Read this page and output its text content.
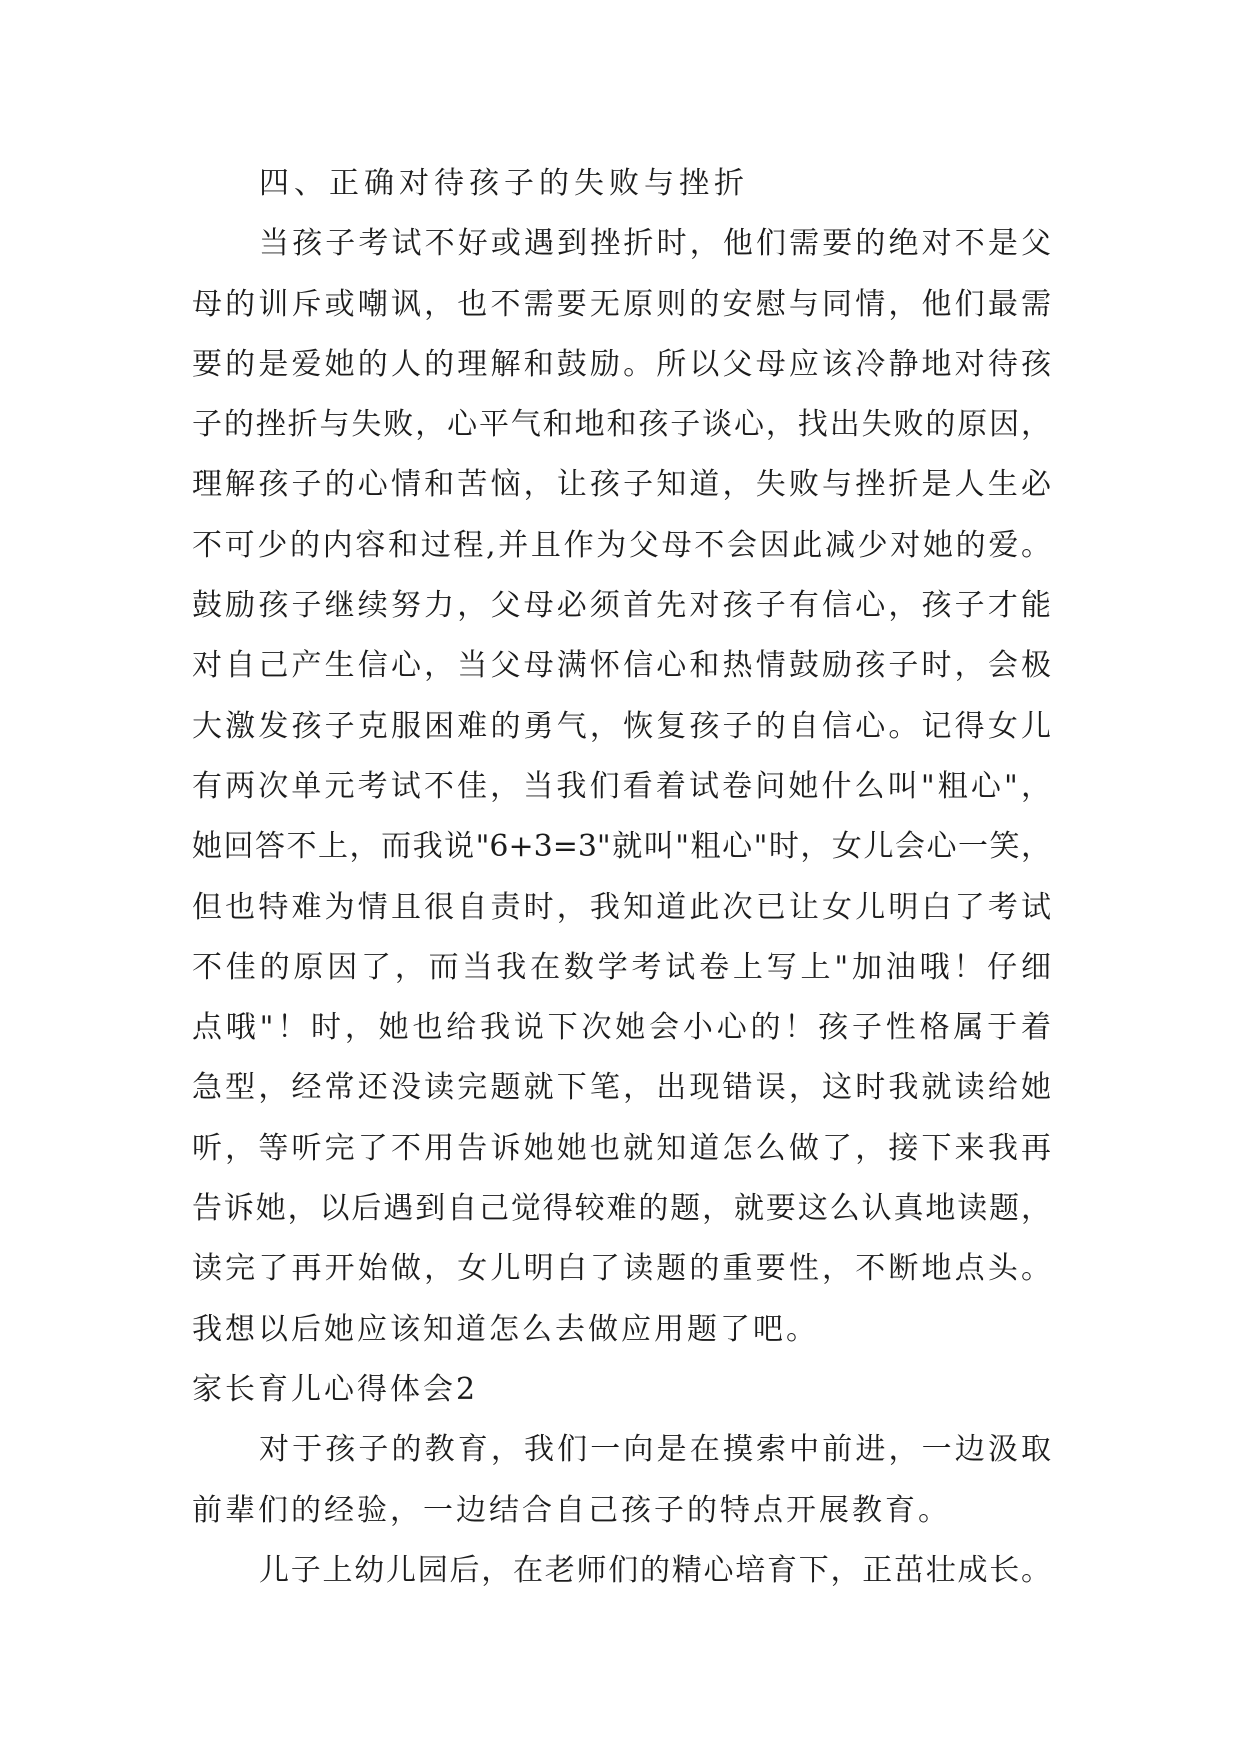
四、正确对待孩子的失败与挫折
当孩子考试不好或遇到挫折时，他们需要的绝对不是父
母的训斥或嘲讽，也不需要无原则的安慰与同情，他们最需
要的是爱她的人的理解和鼓励。所以父母应该冷静地对待孩
子的挫折与失败，心平气和地和孩子谈心，找出失败的原因，
理解孩子的心情和苦恼，让孩子知道，失败与挫折是人生必
不可少的内容和过程,并且作为父母不会因此减少对她的爱。
鼓励孩子继续努力，父母必须首先对孩子有信心，孩子才能
对自己产生信心，当父母满怀信心和热情鼓励孩子时，会极
大激发孩子克服困难的勇气，恢复孩子的自信心。记得女儿
有两次单元考试不佳，当我们看着试卷问她什么叫"粗心"，
她回答不上，而我说"6+3=3"就叫"粗心"时，女儿会心一笑，
但也特难为情且很自责时，我知道此次已让女儿明白了考试
不佳的原因了，而当我在数学考试卷上写上"加油哦！仔细
点哦"！时，她也给我说下次她会小心的！孩子性格属于着
急型，经常还没读完题就下笔，出现错误，这时我就读给她
听，等听完了不用告诉她她也就知道怎么做了，接下来我再
告诉她，以后遇到自己觉得较难的题，就要这么认真地读题，
读完了再开始做，女儿明白了读题的重要性，不断地点头。
我想以后她应该知道怎么去做应用题了吧。
家长育儿心得体会2
对于孩子的教育，我们一向是在摸索中前进，一边汲取
前辈们的经验，一边结合自己孩子的特点开展教育。
儿子上幼儿园后，在老师们的精心培育下，正茁壮成长。
